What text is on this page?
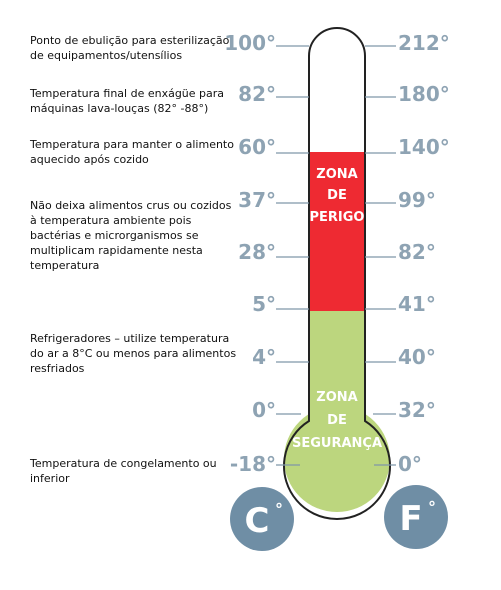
Ponto de ebulição para esterilização
de equipamentos/utensílios
Temperatura final de enxágüe para
máquinas lava-louças (82° -88°)
Temperatura para manter o alimento
aquecido após cozido
Não deixa alimentos crus ou cozidos
à temperatura ambiente pois
bactérias e microrganismos se
multiplicam rapidamente nesta
temperatura
Refrigeradores – utilize temperatura
do ar a 8°C ou menos para alimentos
resfriados
Temperatura de congelamento ou
inferior
100°
82°
60°
37°
28°
5°
4°
0°
-18°
212°
180°
140°
99°
82°
41°
40°
32°
0°
ZONA
DE
PERIGO
ZONA
DE
SEGURANÇA
C °	F °
